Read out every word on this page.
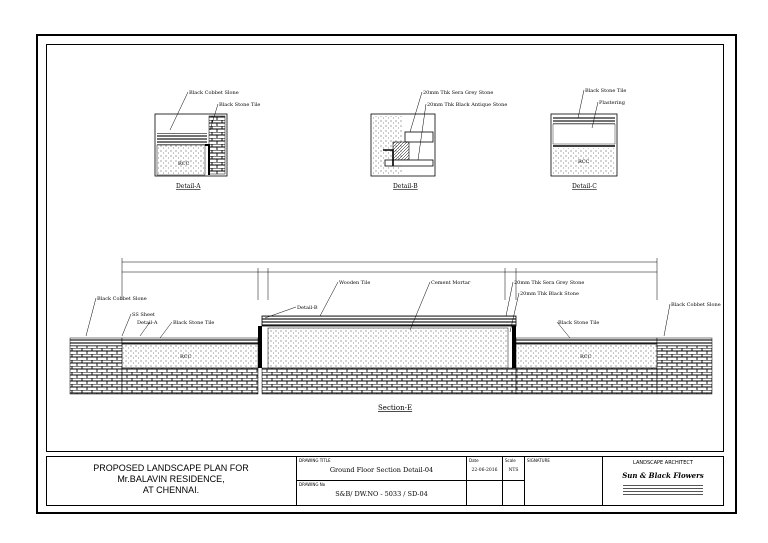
Black Cobbet Slone
Black Stone Tile
RCC
Detail-A
20mm Thk Sera Grey Stone
20mm Thk Black Antique Stone
Detail-B
Black Stone Tile
Plastering
RCC
Detail-C
Black Cobbet Slone
SS Sheet
Detail-A	Black Stone Tile
Detail-B
Wooden Tile	Cement Mortar	20mm Thk Sera Grey Stone
20mm Thk Black Stone
Black Stone Tile
Black Cobbet Slone
RCC	RCC
Section-E
PROPOSED LANDSCAPE PLAN FOR
Mr.BALAVIN RESIDENCE,
AT CHENNAI.
DRAWING TITLE
Ground Floor Section Detail-04
DRAWING No
S&B/ DW.NO - 5033 / SD-04
Date
22-06-2016
Scale
NTS
SIGNATURE	LANDSCAPE ARCHITECT
Sun & Black Flowers
